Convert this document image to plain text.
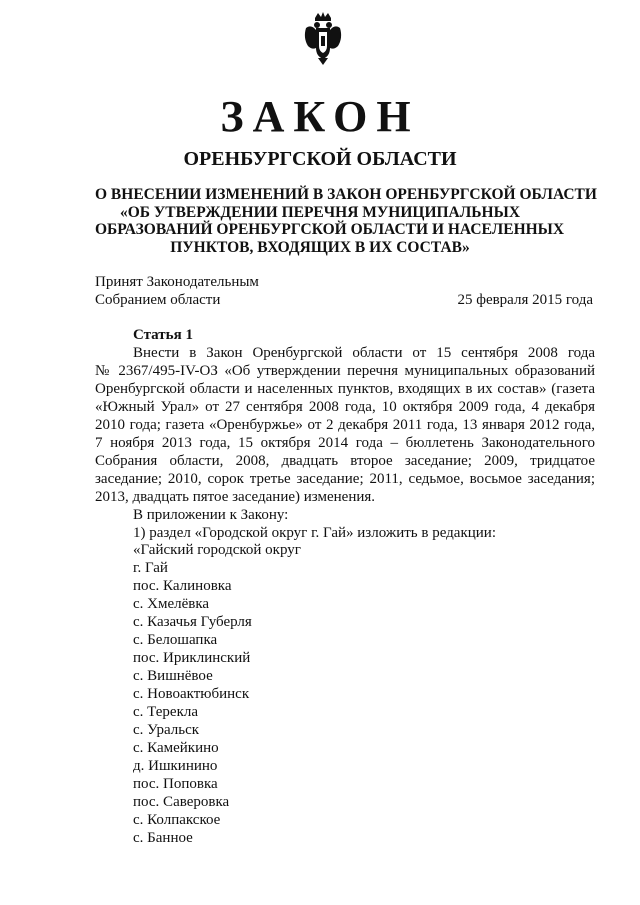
ЗАКОН
ОРЕНБУРГСКОЙ ОБЛАСТИ
О ВНЕСЕНИИ ИЗМЕНЕНИЙ В ЗАКОН ОРЕНБУРГСКОЙ ОБЛАСТИ
«ОБ УТВЕРЖДЕНИИ ПЕРЕЧНЯ МУНИЦИПАЛЬНЫХ
ОБРАЗОВАНИЙ ОРЕНБУРГСКОЙ ОБЛАСТИ И НАСЕЛЕННЫХ
ПУНКТОВ, ВХОДЯЩИХ В ИХ СОСТАВ»
Принят Законодательным
Собранием области	25 февраля 2015 года
Статья 1
Внести в Закон Оренбургской области от 15 сентября 2008 года
№ 2367/495-IV-ОЗ «Об утверждении перечня муниципальных образований
Оренбургской области и населенных пунктов, входящих в их состав» (газета
«Южный Урал» от 27 сентября 2008 года, 10 октября 2009 года, 4 декабря
2010 года; газета «Оренбуржье» от 2 декабря 2011 года, 13 января 2012 года,
7 ноября 2013 года, 15 октября 2014 года – бюллетень Законодательного
Собрания области, 2008, двадцать второе заседание; 2009, тридцатое
заседание; 2010, сорок третье заседание; 2011, седьмое, восьмое заседания;
2013, двадцать пятое заседание) изменения.
В приложении к Закону:
1) раздел «Городской округ г. Гай» изложить в редакции:
«Гайский городской округ
г. Гай
пос. Калиновка
с. Хмелёвка
с. Казачья Губерля
с. Белошапка
пос. Ириклинский
с. Вишнёвое
с. Новоактюбинск
с. Терекла
с. Уральск
с. Камейкино
д. Ишкинино
пос. Поповка
пос. Саверовка
с. Колпакское
с. Банное
